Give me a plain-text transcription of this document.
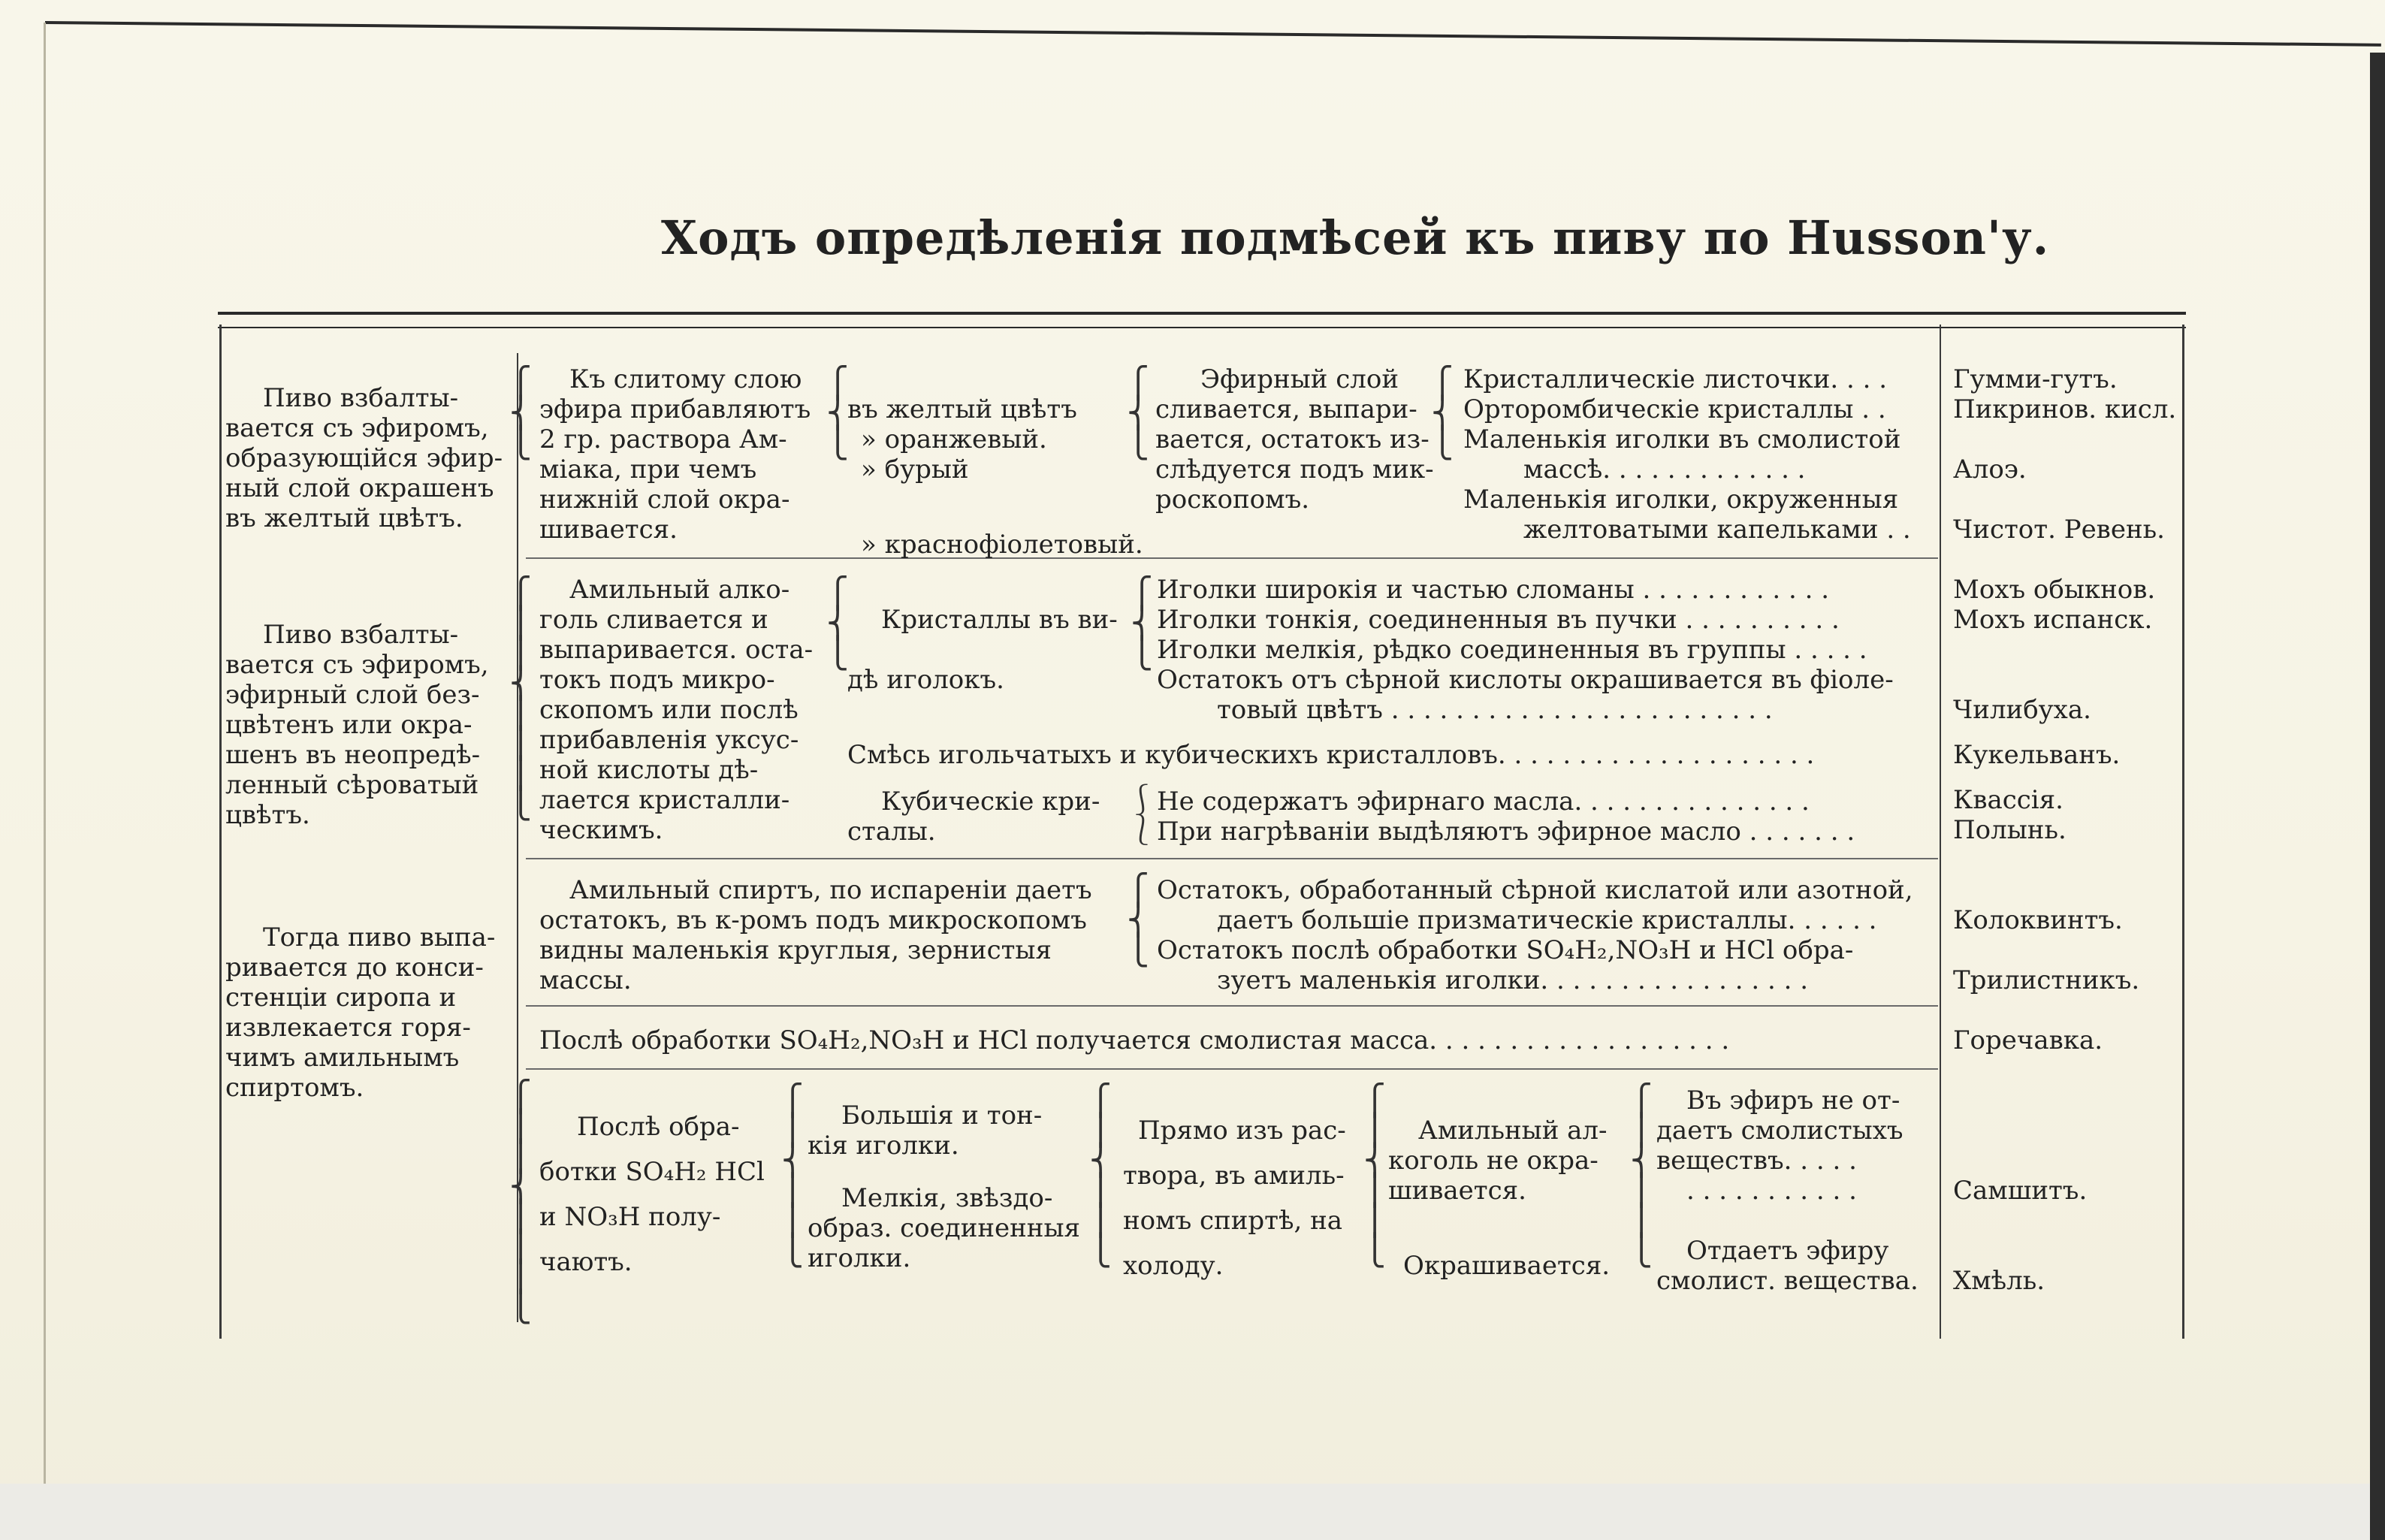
Ходъ опредѣленія подмѣсей къ пиву по Husson'у.
Пиво взбалты-
вается съ эфиромъ,
образующійся эфир-
ный слой окрашенъ
въ желтый цвѣтъ.
⎧
⎨
⎩
Къ слитому слою
эфира прибавляютъ
2 гр. раствора Ам-
міака, при чемъ
нижній слой окра-
шивается.
⎧
⎨
⎩
въ желтый цвѣтъ
» оранжевый.
» бурый
» краснофіолетовый.
⎧
⎨
⎩
Эфирный слой
сливается, выпари-
вается, остатокъ из-
слѣдуется подъ мик-
роскопомъ.
⎧
⎨
⎩
Кристаллическіе листочки. . . .
Орторомбическіе кристаллы . .
Маленькія иголки въ смолистой
массѣ. . . . . . . . . . . . .
Маленькія иголки, окруженныя
желтоватыми капельками . .
Гумми-гутъ.
Пикринов. кисл.
Алоэ.
Чистот. Ревень.
Пиво взбалты-
вается съ эфиромъ,
эфирный слой без-
цвѣтенъ или окра-
шенъ въ неопредѣ-
ленный сѣроватый
цвѣтъ.
⎧
⎪
⎪
⎨
⎪
⎪
⎪
⎩
Амильный алко-
голь сливается и
выпаривается. оста-
токъ подъ микро-
скопомъ или послѣ
прибавленія уксус-
ной кислоты дѣ-
лается кристалли-
ческимъ.
⎧
⎨
⎩
Кристаллы въ ви-
дѣ иголокъ.
⎧
⎨
⎩
Иголки широкія и частью сломаны . . . . . . . . . . . .
Иголки тонкія, соединенныя въ пучки . . . . . . . . . .
Иголки мелкія, рѣдко соединенныя въ группы . . . . .
Остатокъ отъ сѣрной кислоты окрашивается въ фіоле-
товый цвѣтъ . . . . . . . . . . . . . . . . . . . . . . . .
Смѣсь игольчатыхъ и кубическихъ кристалловъ. . . . . . . . . . . . . . . . . . . .
Кубическіе кри-
сталы.
⎰
⎱
Не содержатъ эфирнаго масла. . . . . . . . . . . . . . .
При нагрѣваніи выдѣляютъ эфирное масло . . . . . . .
Мохъ обыкнов.
Мохъ испанск.
Чилибуха.
Кукельванъ.
Квассія.
Полынь.
Тогда пиво выпа-
ривается до конси-
стенціи сиропа и
извлекается горя-
чимъ амильнымъ
спиртомъ.
Амильный спиртъ, по испареніи даетъ
остатокъ, въ к-ромъ подъ микроскопомъ
видны маленькія круглыя, зернистыя
массы.
⎧
⎨
⎩
Остатокъ, обработанный сѣрной кислатой или азотной,
даетъ большіе призматическіе кристаллы. . . . . .
Остатокъ послѣ обработки SO₄H₂,NO₃H и HCl обра-
зуетъ маленькія иголки. . . . . . . . . . . . . . . . .
Послѣ обработки SO₄H₂,NO₃H и HCl получается смолистая масса. . . . . . . . . . . . . . . . . . .
Колоквинтъ.
Трилистникъ.
Горечавка.
⎧
⎪
⎪
⎨
⎪
⎪
⎪
⎩
Послѣ обра-
ботки SO₄H₂ HCl
и NO₃H полу-
чаютъ.
⎧
⎪
⎨
⎪
⎪
⎩
Большія и тон-
кія иголки.
Мелкія, звѣздо-
образ. соединенныя
иголки.
⎧
⎪
⎨
⎪
⎪
⎩
Прямо изъ рас-
твора, въ амиль-
номъ спиртѣ, на
холоду.
⎧
⎪
⎨
⎪
⎪
⎩
Амильный ал-
коголь не окра-
шивается.
Окрашивается.
⎧
⎪
⎨
⎪
⎪
⎩
Въ эфиръ не от-
даетъ смолистыхъ
веществъ. . . . .
. . . . . . . . . . .
Отдаетъ эфиру
смолист. вещества.
Самшитъ.
Хмѣль.
